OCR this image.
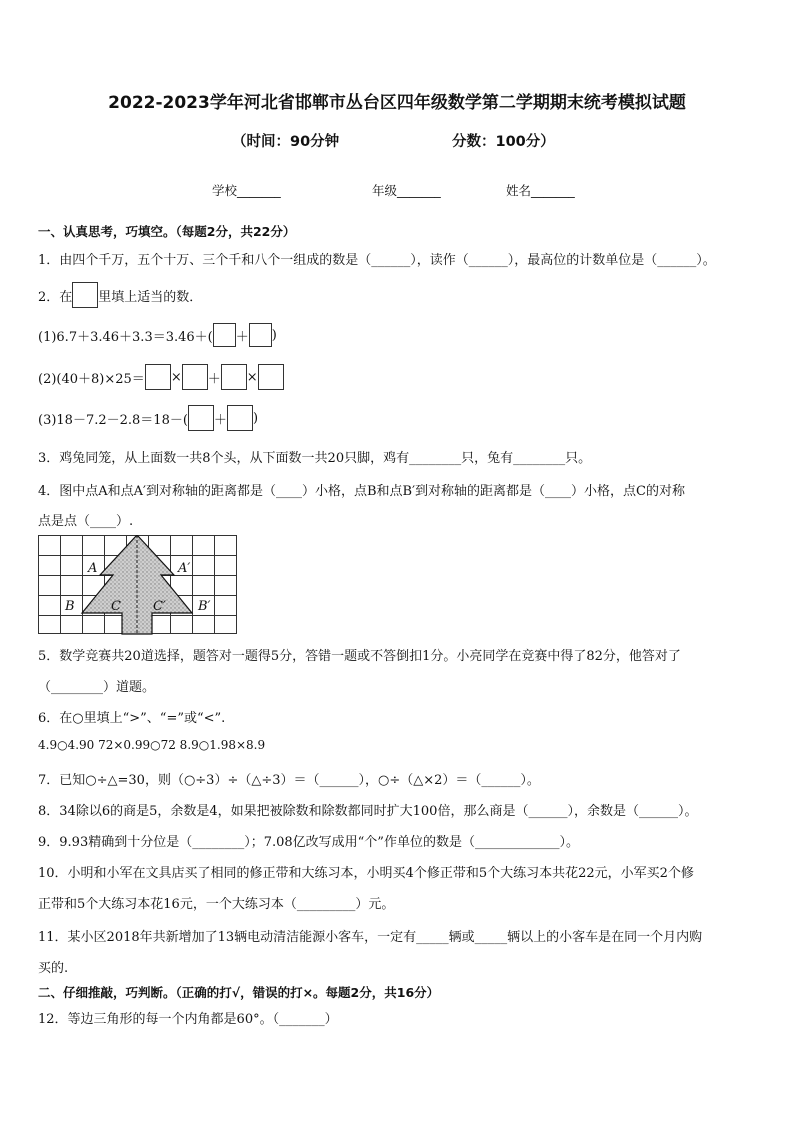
2022-2023学年河北省邯郸市丛台区四年级数学第二学期期末统考模拟试题
（时间：90分钟	分数：100分）
学校_______	年级_______	姓名_______
一、认真思考，巧填空。（每题2分，共22分）
1．由四个千万，五个十万、三个千和八个一组成的数是（______），读作（______），最高位的计数单位是（______）。
2．在 里填上适当的数．
(1)6.7＋3.46＋3.3＝3.46＋( ＋ )
(2)(40＋8)×25＝ × ＋ ×
(3)18－7.2－2.8＝18－( ＋ )
3．鸡兔同笼，从上面数一共8个头，从下面数一共20只脚，鸡有________只，兔有________只。
4．图中点A和点A′到对称轴的距离都是（____）小格，点B和点B′到对称轴的距离都是（____）小格，点C的对称
点是点（____）.
A	A′
B	B′
C C′
5．数学竞赛共20道选择，题答对一题得5分，答错一题或不答倒扣1分。小亮同学在竞赛中得了82分，他答对了
（________）道题。
6．在○里填上“>”、“=”或“<”.
4.9○4.90 72×0.99○72 8.9○1.98×8.9
7．已知○÷△=30，则（○÷3）÷（△÷3）＝（______），○÷（△×2）＝（______）。
8．34除以6的商是5，余数是4，如果把被除数和除数都同时扩大100倍，那么商是（______），余数是（______）。
9．9.93精确到十分位是（________）；7.08亿改写成用“个”作单位的数是（_____________）。
10．小明和小军在文具店买了相同的修正带和大练习本，小明买4个修正带和5个大练习本共花22元，小军买2个修
正带和5个大练习本花16元，一个大练习本（_________）元。
11．某小区2018年共新增加了13辆电动清洁能源小客车，一定有_____辆或_____辆以上的小客车是在同一个月内购
买的.
二、仔细推敲，巧判断。（正确的打√，错误的打×。每题2分，共16分）
12．等边三角形的每一个内角都是60°。（_______）
